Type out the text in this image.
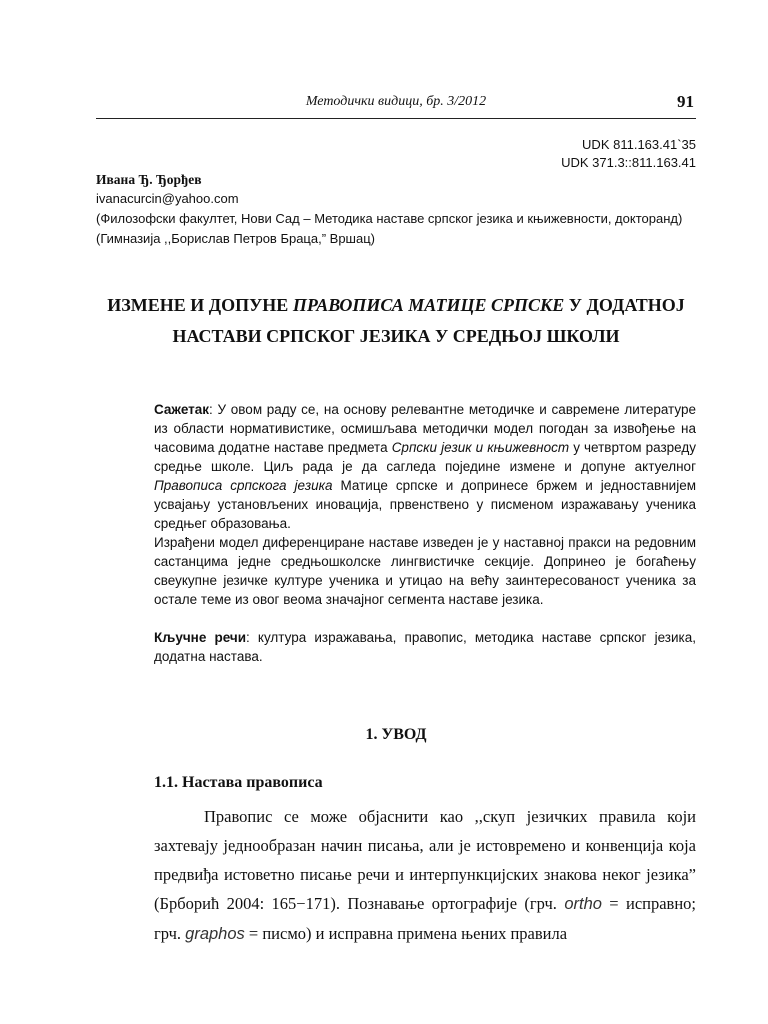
Методички видици, бр. 3/2012	91
UDK 811.163.41`35
UDK 371.3::811.163.41
Ивана Ђ. Ђорђев
ivanacurcin@yahoo.com
(Филозофски факултет, Нови Сад – Методика наставе српског језика и књижевности, докторанд)
(Гимназија ,,Борислав Петров Браца,” Вршац)
ИЗМЕНЕ И ДОПУНЕ ПРАВОПИСА МАТИЦЕ СРПСКЕ У ДОДАТНОЈ НАСТАВИ СРПСКОГ ЈЕЗИКА У СРЕДЊОЈ ШКОЛИ

Сажетак: У овом раду се, на основу релевантне методичке и савремене литературе из области нормативистике, осмишљава методички модел погодан за извођење на часовима додатне наставе предмета Српски језик и књижевност у четвртом разреду средње школе. Циљ рада је да сагледа поједине измене и допуне актуелног Правописа српскога језика Матице српске и допринесе бржем и једноставнијем усвајању установљених иновација, првенствено у писменом изражавању ученика средњег образовања.

Израђени модел диференциране наставе изведен је у наставној пракси на редовним састанцима једне средњошколске лингвистичке секције. Допринео је богаћењу свеукупне језичке културе ученика и утицао на већу заинтересованост ученика за остале теме из овог веома значајног сегмента наставе језика.

Кључне речи: култура изражавања, правопис, методика наставе српског језика, додатна настава.

1. УВОД
1.1. Настава правописа

Правопис се може објаснити као ,,скуп језичких правила који захтевају једнообразан начин писања, али је истовремено и конвенција која предвиђа истоветно писање речи и интерпункцијских знакова неког језика” (Брборић 2004: 165−171). Познавање ортографије (грч. ortho = исправно; грч. graphos = писмо) и исправна примена њених правила
